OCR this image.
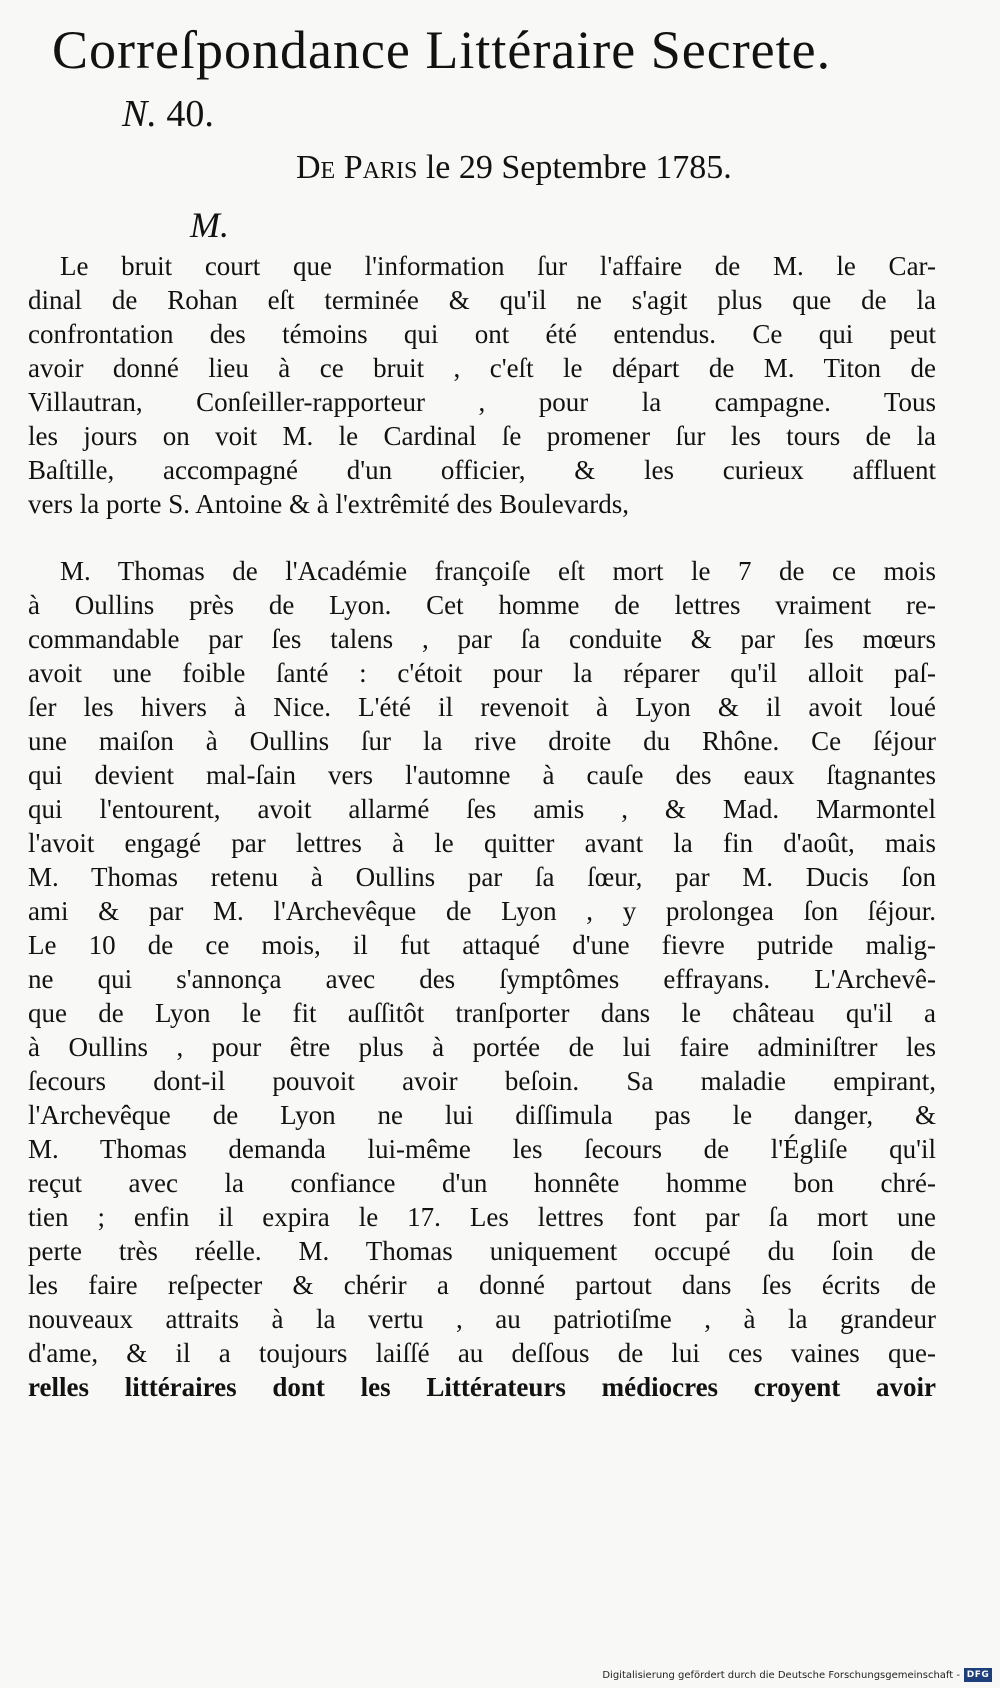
Correſpondance Littéraire Secrete.
N. 40.
De Paris le 29 Septembre 1785.
M.
Le bruit court que l'information ſur l'affaire de M. le Car-
dinal de Rohan eſt terminée & qu'il ne s'agit plus que de la
confrontation des témoins qui ont été entendus. Ce qui peut
avoir donné lieu à ce bruit , c'eſt le départ de M. Titon de
Villautran, Conſeiller-rapporteur , pour la campagne. Tous
les jours on voit M. le Cardinal ſe promener ſur les tours de la
Baſtille, accompagné d'un officier, & les curieux affluent
vers la porte S. Antoine & à l'extrêmité des Boulevards,
M. Thomas de l'Académie françoiſe eſt mort le 7 de ce mois
à Oullins près de Lyon. Cet homme de lettres vraiment re-
commandable par ſes talens , par ſa conduite & par ſes mœurs
avoit une foible ſanté : c'étoit pour la réparer qu'il alloit paſ-
ſer les hivers à Nice. L'été il revenoit à Lyon & il avoit loué
une maiſon à Oullins ſur la rive droite du Rhône. Ce ſéjour
qui devient mal-ſain vers l'automne à cauſe des eaux ſtagnantes
qui l'entourent, avoit allarmé ſes amis , & Mad. Marmontel
l'avoit engagé par lettres à le quitter avant la fin d'août, mais
M. Thomas retenu à Oullins par ſa ſœur, par M. Ducis ſon
ami & par M. l'Archevêque de Lyon , y prolongea ſon ſéjour.
Le 10 de ce mois, il fut attaqué d'une fievre putride malig-
ne qui s'annonça avec des ſymptômes effrayans. L'Archevê-
que de Lyon le fit auſſitôt tranſporter dans le château qu'il a
à Oullins , pour être plus à portée de lui faire adminiſtrer les
ſecours dont-il pouvoit avoir beſoin. Sa maladie empirant,
l'Archevêque de Lyon ne lui diſſimula pas le danger, &
M. Thomas demanda lui-même les ſecours de l'Égliſe qu'il
reçut avec la confiance d'un honnête homme bon chré-
tien ; enfin il expira le 17. Les lettres font par ſa mort une
perte très réelle. M. Thomas uniquement occupé du ſoin de
les faire reſpecter & chérir a donné partout dans ſes écrits de
nouveaux attraits à la vertu , au patriotiſme , à la grandeur
d'ame, & il a toujours laiſſé au deſſous de lui ces vaines que-
relles littéraires dont les Littérateurs médiocres croyent avoir
Digitalisierung gefördert durch die Deutsche Forschungsgemeinschaft - DFG
